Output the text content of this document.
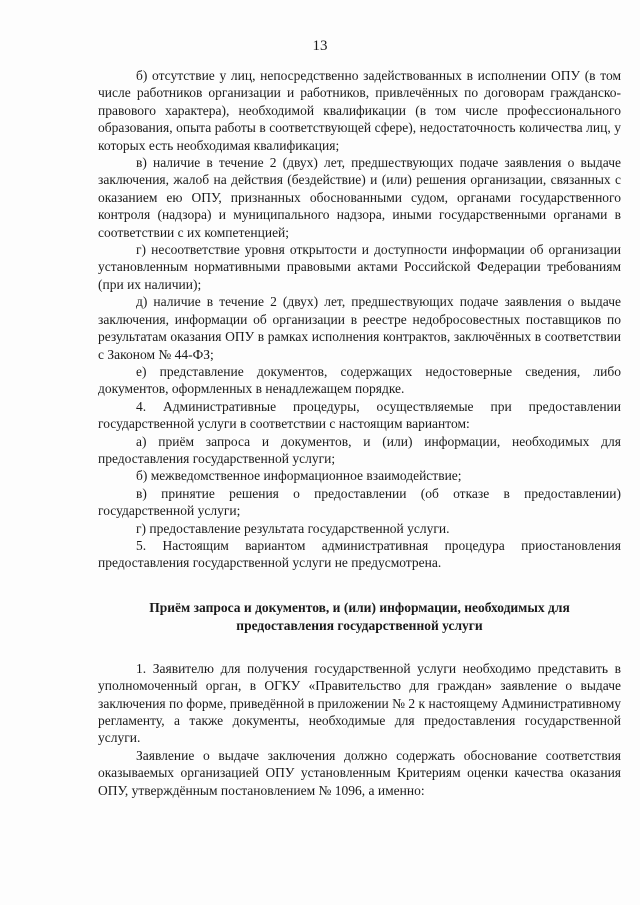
13

б) отсутствие у лиц, непосредственно задействованных в исполнении ОПУ (в том числе работников организации и работников, привлечённых по договорам гражданско-правового характера), необходимой квалификации (в том числе профессионального образования, опыта работы в соответствующей сфере), недостаточность количества лиц, у которых есть необходимая квалификация;

в) наличие в течение 2 (двух) лет, предшествующих подаче заявления о выдаче заключения, жалоб на действия (бездействие) и (или) решения организации, связанных с оказанием ею ОПУ, признанных обоснованными судом, органами государственного контроля (надзора) и муниципального надзора, иными государственными органами в соответствии с их компетенцией;

г) несоответствие уровня открытости и доступности информации об организации установленным нормативными правовыми актами Российской Федерации требованиям (при их наличии);

д) наличие в течение 2 (двух) лет, предшествующих подаче заявления о выдаче заключения, информации об организации в реестре недобросовестных поставщиков по результатам оказания ОПУ в рамках исполнения контрактов, заключённых в соответствии с Законом № 44-ФЗ;

е) представление документов, содержащих недостоверные сведения, либо документов, оформленных в ненадлежащем порядке.

4. Административные процедуры, осуществляемые при предоставлении государственной услуги в соответствии с настоящим вариантом:

а) приём запроса и документов, и (или) информации, необходимых для предоставления государственной услуги;

б) межведомственное информационное взаимодействие;

в) принятие решения о предоставлении (об отказе в предоставлении) государственной услуги;

г) предоставление результата государственной услуги.

5. Настоящим вариантом административная процедура приостановления предоставления государственной услуги не предусмотрена.

Приём запроса и документов, и (или) информации, необходимых для

предоставления государственной услуги

1. Заявителю для получения государственной услуги необходимо представить в уполномоченный орган, в ОГКУ «Правительство для граждан» заявление о выдаче заключения по форме, приведённой в приложении № 2 к настоящему Административному регламенту, а также документы, необходимые для предоставления государственной услуги.

Заявление о выдаче заключения должно содержать обоснование соответствия оказываемых организацией ОПУ установленным Критериям оценки качества оказания ОПУ, утверждённым постановлением № 1096, а именно:
